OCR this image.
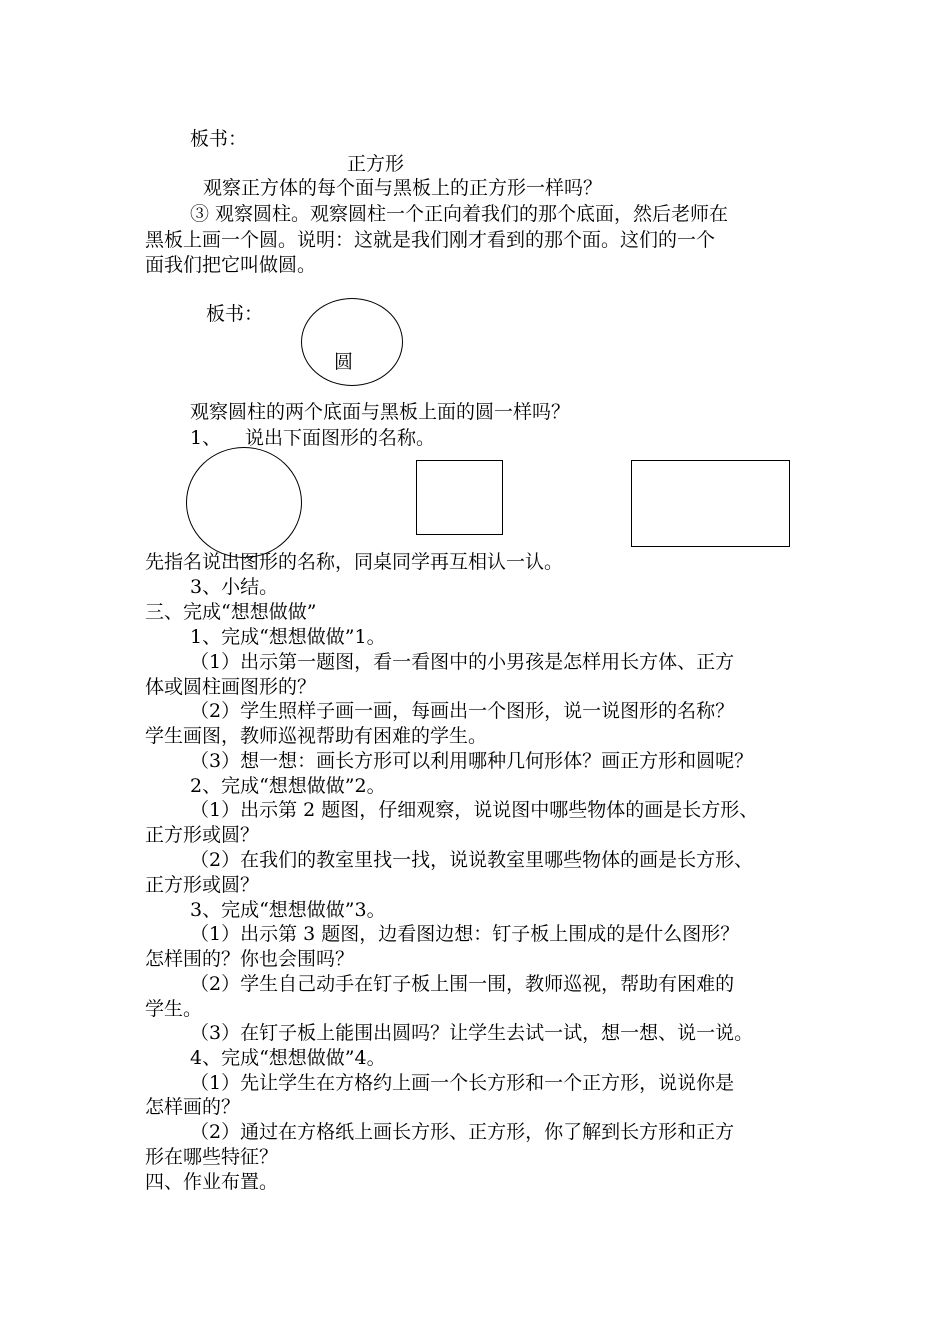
板书：

正方形

观察正方体的每个面与黑板上的正方形一样吗？

③ 观察圆柱。观察圆柱一个正向着我们的那个底面，然后老师在

黑板上画一个圆。说明：这就是我们刚才看到的那个面。这们的一个

面我们把它叫做圆。

板书：

圆

观察圆柱的两个底面与黑板上面的圆一样吗？

1、 说出下面图形的名称。

先指名说出图形的名称，同桌同学再互相认一认。

3、小结。

三、完成“想想做做”

1、完成“想想做做”1。

（1）出示第一题图，看一看图中的小男孩是怎样用长方体、正方

体或圆柱画图形的？

（2）学生照样子画一画，每画出一个图形，说一说图形的名称？

学生画图，教师巡视帮助有困难的学生。

（3）想一想：画长方形可以利用哪种几何形体？画正方形和圆呢？

2、完成“想想做做”2。

（1）出示第 2 题图，仔细观察，说说图中哪些物体的画是长方形、

正方形或圆？

（2）在我们的教室里找一找，说说教室里哪些物体的画是长方形、

正方形或圆？

3、完成“想想做做”3。

（1）出示第 3 题图，边看图边想：钉子板上围成的是什么图形？

怎样围的？你也会围吗？

（2）学生自己动手在钉子板上围一围，教师巡视，帮助有困难的

学生。

（3）在钉子板上能围出圆吗？让学生去试一试，想一想、说一说。

4、完成“想想做做”4。

（1）先让学生在方格约上画一个长方形和一个正方形，说说你是

怎样画的？

（2）通过在方格纸上画长方形、正方形，你了解到长方形和正方

形在哪些特征？

四、作业布置。
